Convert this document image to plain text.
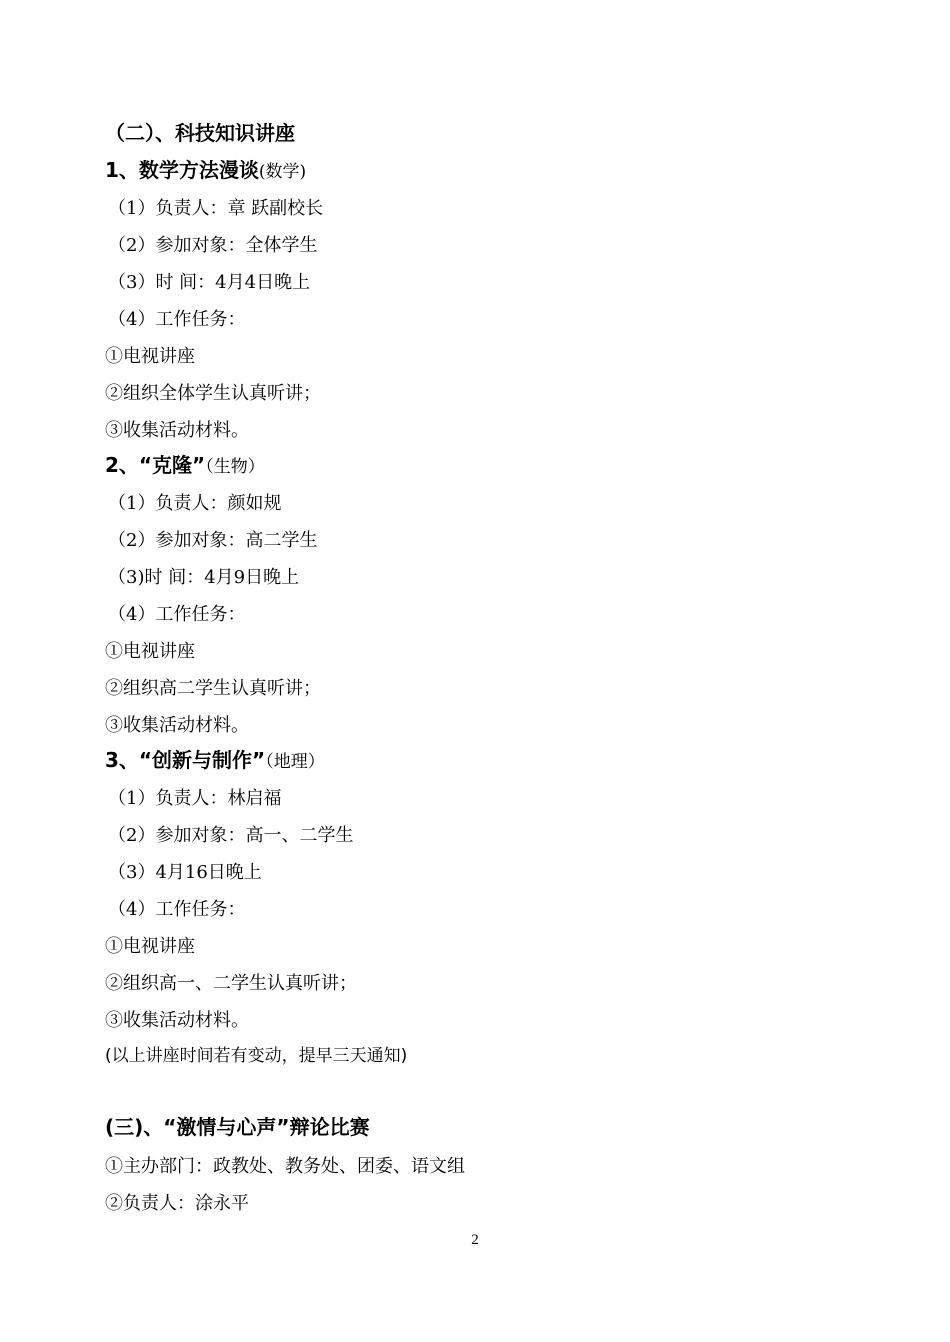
（二）、科技知识讲座
1、数学方法漫谈(数学)
（1）负责人：章 跃副校长
（2）参加对象：全体学生
（3）时 间：4月4日晚上
（4）工作任务：
①电视讲座
②组织全体学生认真听讲；
③收集活动材料。
2、“克隆”（生物）
（1）负责人：颜如规
（2）参加对象：高二学生
（3)时 间：4月9日晚上
（4）工作任务：
①电视讲座
②组织高二学生认真听讲；
③收集活动材料。
3、“创新与制作”（地理）
（1）负责人：林启福
（2）参加对象：高一、二学生
（3）4月16日晚上
（4）工作任务：
①电视讲座
②组织高一、二学生认真听讲；
③收集活动材料。
(以上讲座时间若有变动，提早三天通知)
(三)、“激情与心声”辩论比赛
①主办部门：政教处、教务处、团委、语文组
②负责人：涂永平
2
